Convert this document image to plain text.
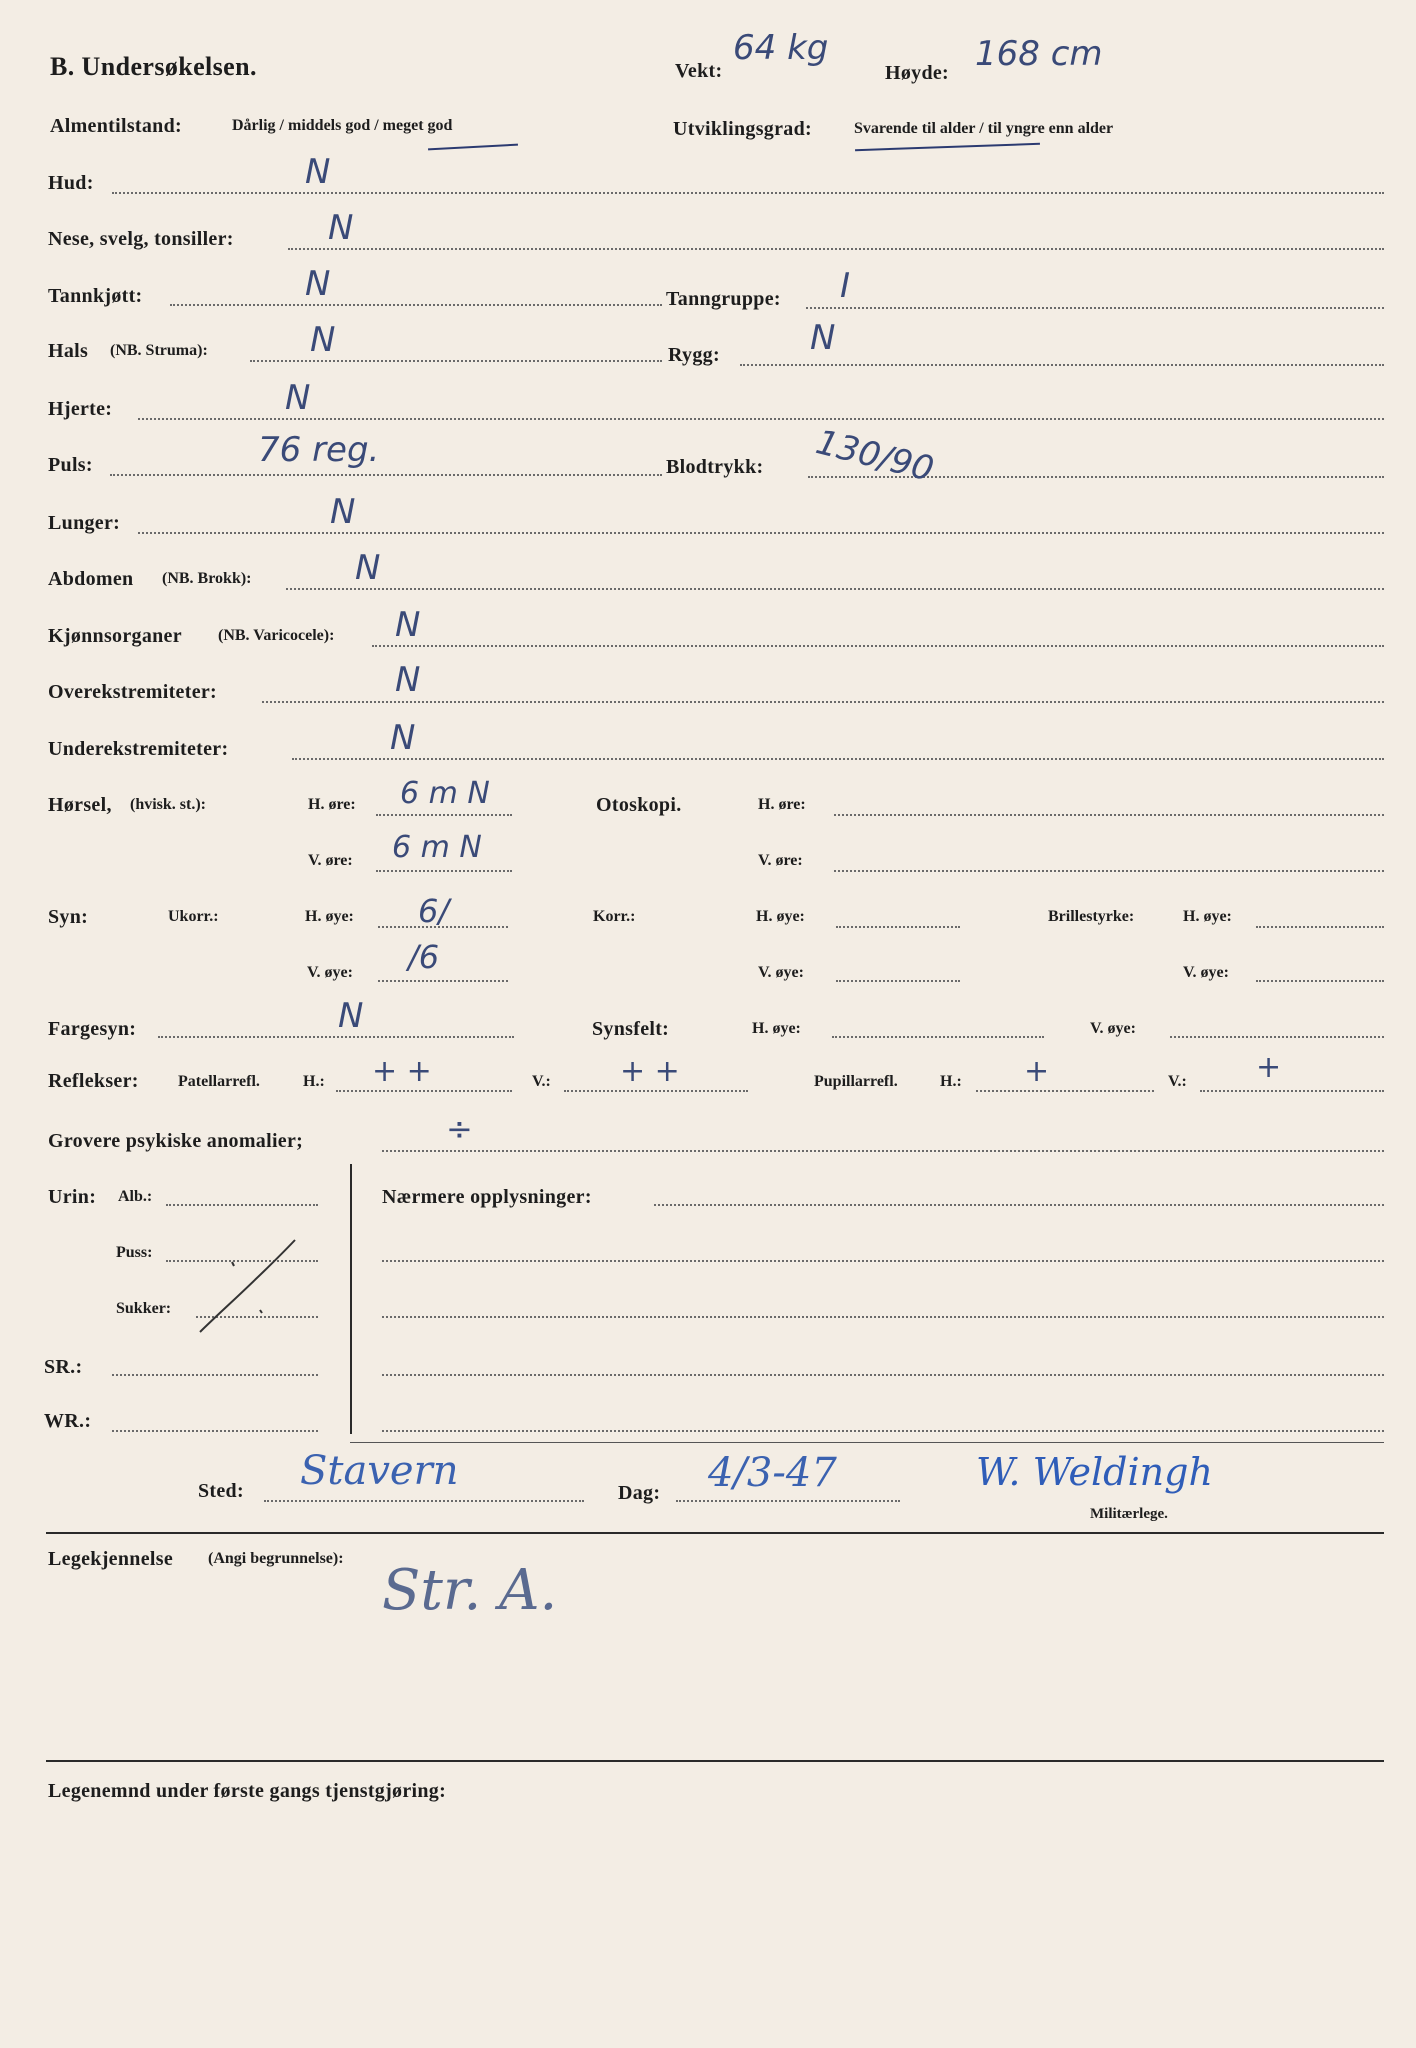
B. Undersøkelsen.	Vekt:
64 kg
Høyde: 168 cm
Almentilstand:	Dårlig / middels god / meget god	Utviklingsgrad:	Svarende til alder / til yngre enn alder
Hud:	N
Nese, svelg, tonsiller:	N
Tannkjøtt:	N	Tanngruppe: I
Hals (NB. Struma):	N	Rygg:	N
Hjerte:	N
Puls:	76 reg.	Blodtrykk: 130/90
Lunger:	N
Abdomen (NB. Brokk):	N
Kjønnsorganer (NB. Varicocele): N
Overekstremiteter:	N
Underekstremiteter:	N
Hørsel, (hvisk. st.):	H. øre: 6 m N	Otoskopi.	H. øre:
V. øre: 6 m N	V. øre:
Syn:	Ukorr.:	H. øye: 6/	Korr.:	H. øye:	Brillestyrke:	H. øye:
V. øye: /6	V. øye:	V. øye:
Fargesyn:	N	Synsfelt:	H. øye:	V. øye:
Reflekser: Patellarrefl.	H.: + +	V.: + +	Pupillarrefl.	H.: +	V.: +
Grovere psykiske anomalier;	÷
Urin: Alb.:
Puss:
Sukker:
SR.:
WR.:
Nærmere opplysninger:
Sted: Stavern	Dag: 4/3-47	W. Weldingh
Militærlege.
Legekjennelse (Angi begrunnelse): Str. A.
Legenemnd under første gangs tjenstgjøring:
